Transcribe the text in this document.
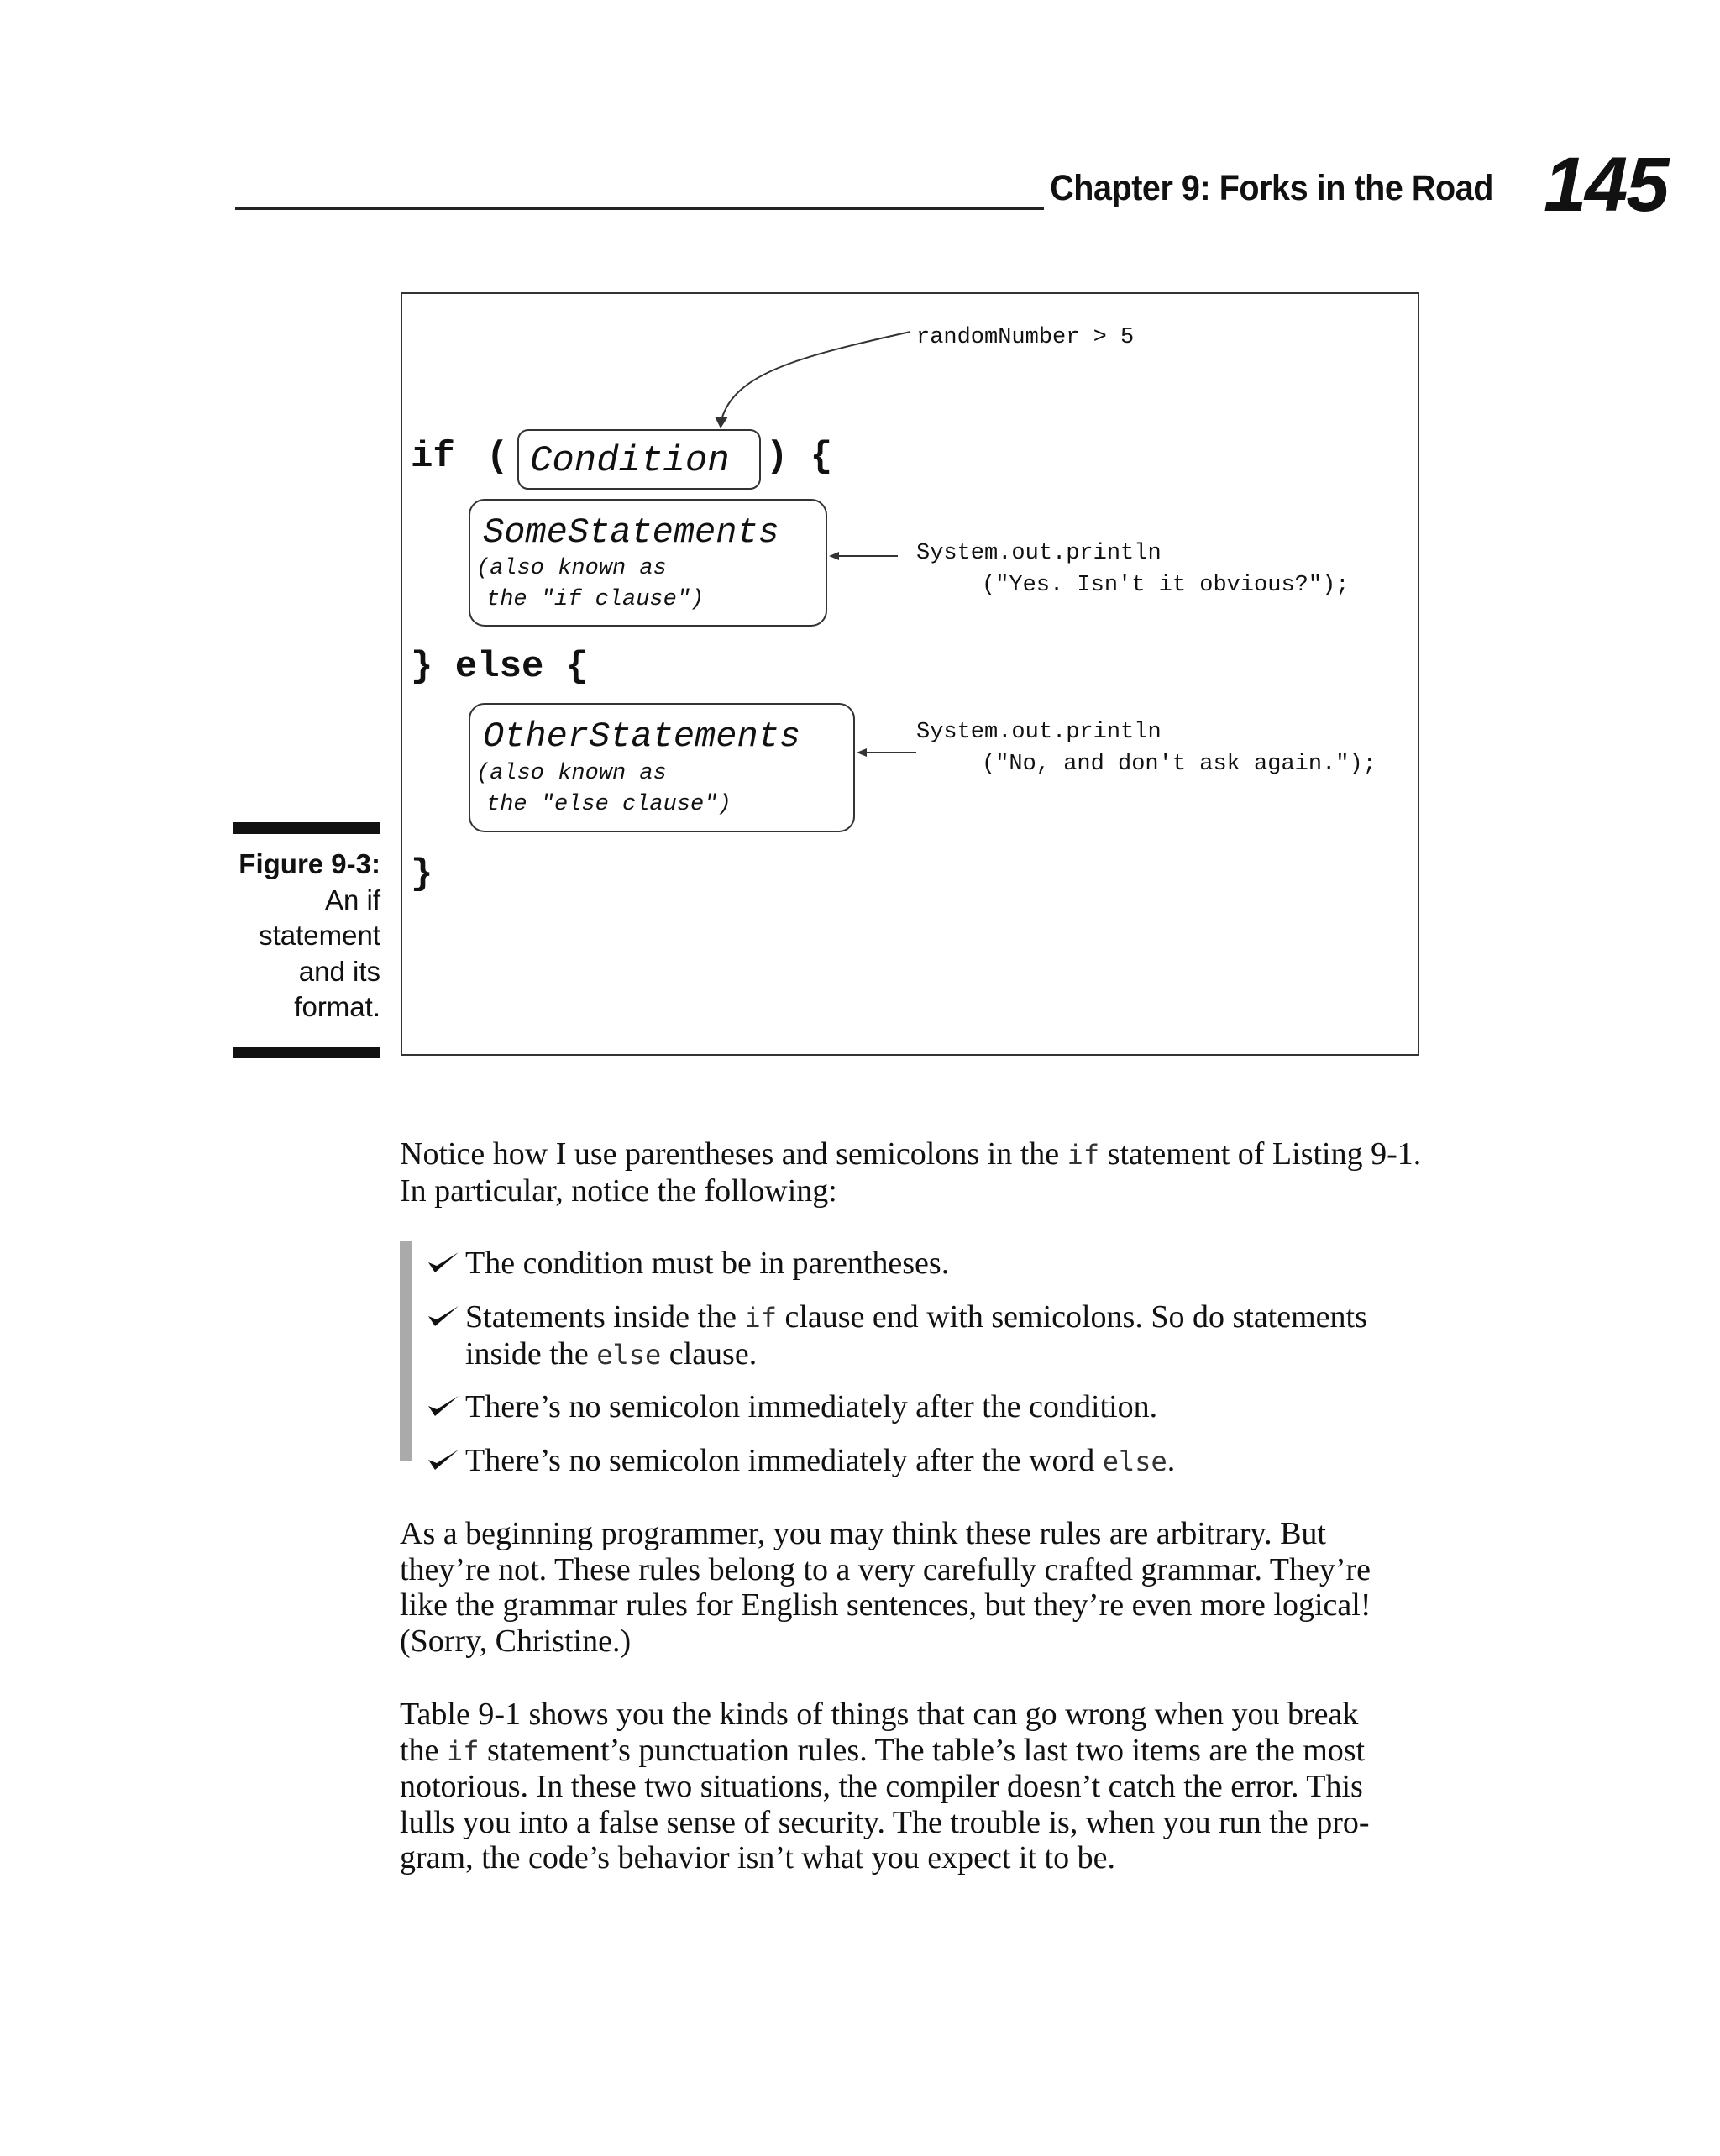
Chapter 9: Forks in the Road 145
Figure 9-3:
An if
statement
and its
format.
randomNumber > 5
if ( Condition ) {
SomeStatements
(also known as
the "if clause")
System.out.println
("Yes. Isn't it obvious?");
} else {
OtherStatements
(also known as
the "else clause")
System.out.println
("No, and don't ask again.");
}
Notice how I use parentheses and semicolons in the if statement of Listing 9-1.
In particular, notice the following:
The condition must be in parentheses.
Statements inside the if clause end with semicolons. So do statements
inside the else clause.
There’s no semicolon immediately after the condition.
There’s no semicolon immediately after the word else.
As a beginning programmer, you may think these rules are arbitrary. But
they’re not. These rules belong to a very carefully crafted grammar. They’re
like the grammar rules for English sentences, but they’re even more logical!
(Sorry, Christine.)
Table 9-1 shows you the kinds of things that can go wrong when you break
the if statement’s punctuation rules. The table’s last two items are the most
notorious. In these two situations, the compiler doesn’t catch the error. This
lulls you into a false sense of security. The trouble is, when you run the pro-
gram, the code’s behavior isn’t what you expect it to be.
